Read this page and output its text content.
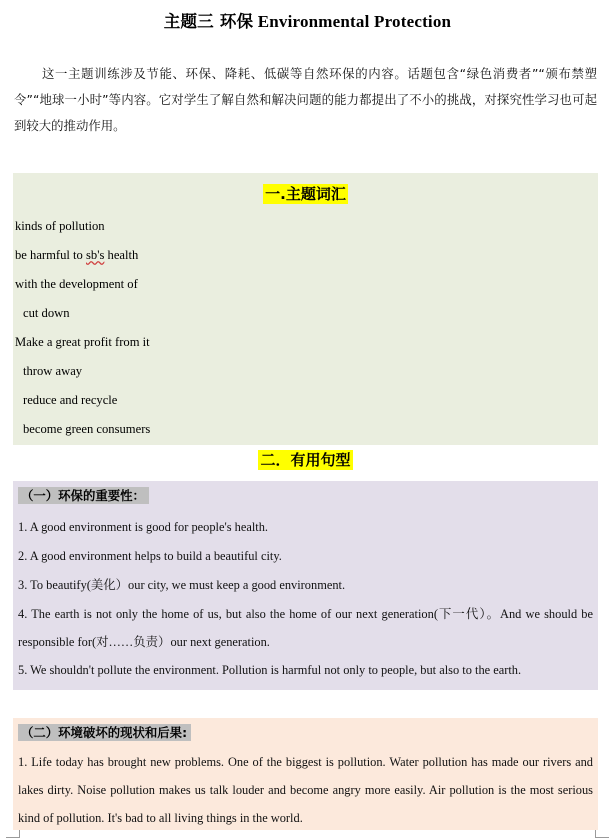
主题三 环保 Environmental Protection

这一主题训练涉及节能、环保、降耗、低碳等自然环保的内容。话题包含“绿色消费者”“颁布禁塑令”“地球一小时”等内容。它对学生了解自然和解决问题的能力都提出了不小的挑战，对探究性学习也可起到较大的推动作用。

一.主题词汇
kinds of pollution
be harmful to sb's health
with the development of
cut down
Make a great profit from it
throw away
reduce and recycle
become green consumers
二．有用句型
（一）环保的重要性：
1. A good environment is good for people's health.
2. A good environment helps to build a beautiful city.
3. To beautify(美化）our city, we must keep a good environment.
4. The earth is not only the home of us, but also the home of our next generation(下一代）。And we should be responsible for(对……负责）our next generation.
5. We shouldn't pollute the environment. Pollution is harmful not only to people, but also to the earth.
（二）环境破坏的现状和后果:
1. Life today has brought new problems. One of the biggest is pollution. Water pollution has made our rivers and lakes dirty. Noise pollution makes us talk louder and become angry more easily. Air pollution is the most serious kind of pollution. It's bad to all living things in the world.
